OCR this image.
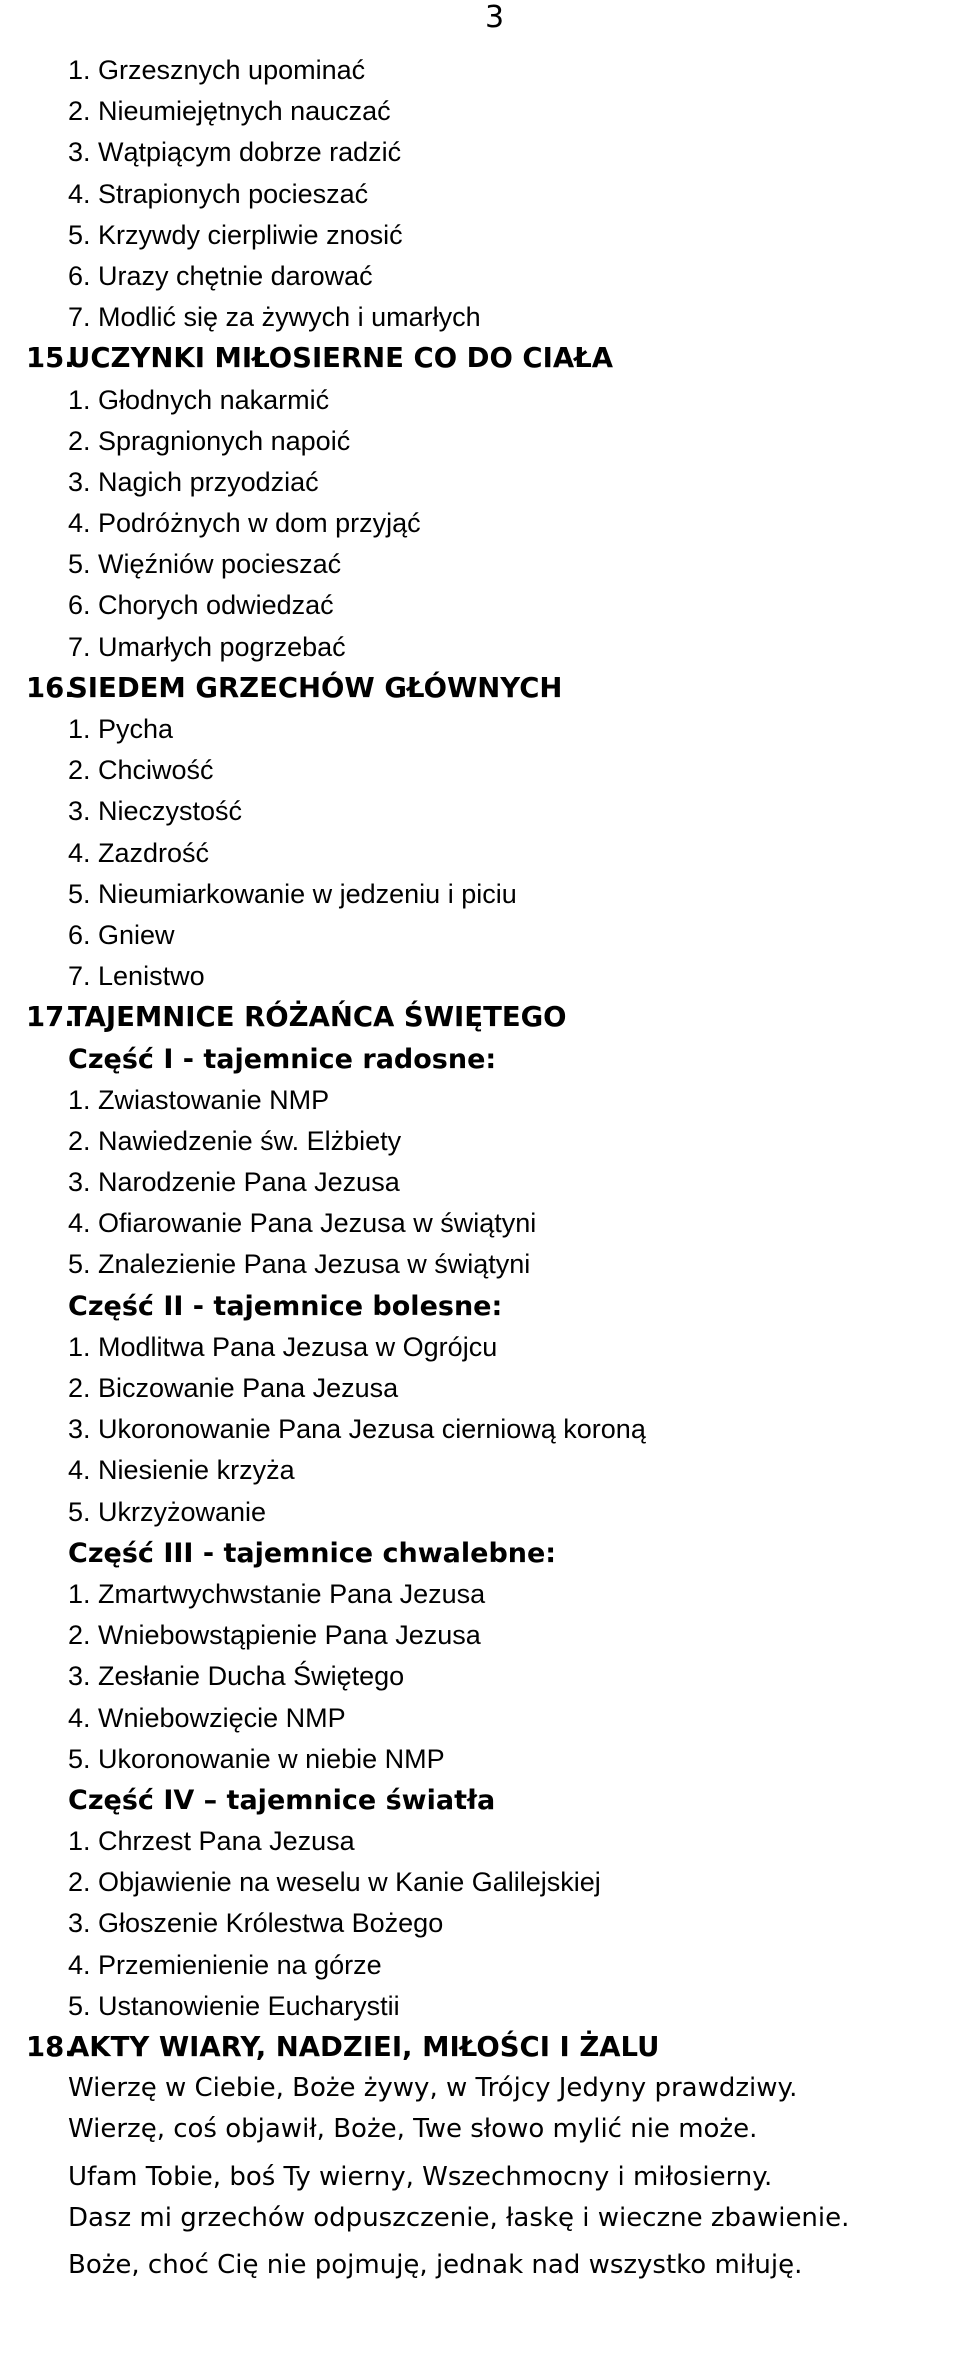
3
1. Grzesznych upominać
2. Nieumiejętnych nauczać
3. Wątpiącym dobrze radzić
4. Strapionych pocieszać
5. Krzywdy cierpliwie znosić
6. Urazy chętnie darować
7. Modlić się za żywych i umarłych
15.UCZYNKI MIŁOSIERNE CO DO CIAŁA
1. Głodnych nakarmić
2. Spragnionych napoić
3. Nagich przyodziać
4. Podróżnych w dom przyjąć
5. Więźniów pocieszać
6. Chorych odwiedzać
7. Umarłych pogrzebać
16.SIEDEM GRZECHÓW GŁÓWNYCH
1. Pycha
2. Chciwość
3. Nieczystość
4. Zazdrość
5. Nieumiarkowanie w jedzeniu i piciu
6. Gniew
7. Lenistwo
17.TAJEMNICE RÓŻAŃCA ŚWIĘTEGO
Część I - tajemnice radosne:
1. Zwiastowanie NMP
2. Nawiedzenie św. Elżbiety
3. Narodzenie Pana Jezusa
4. Ofiarowanie Pana Jezusa w świątyni
5. Znalezienie Pana Jezusa w świątyni
Część II - tajemnice bolesne:
1. Modlitwa Pana Jezusa w Ogrójcu
2. Biczowanie Pana Jezusa
3. Ukoronowanie Pana Jezusa cierniową koroną
4. Niesienie krzyża
5. Ukrzyżowanie
Część III - tajemnice chwalebne:
1. Zmartwychwstanie Pana Jezusa
2. Wniebowstąpienie Pana Jezusa
3. Zesłanie Ducha Świętego
4. Wniebowzięcie NMP
5. Ukoronowanie w niebie NMP
Część IV – tajemnice światła
1. Chrzest Pana Jezusa
2. Objawienie na weselu w Kanie Galilejskiej
3. Głoszenie Królestwa Bożego
4. Przemienienie na górze
5. Ustanowienie Eucharystii
18.AKTY WIARY, NADZIEI, MIŁOŚCI I ŻALU
Wierzę w Ciebie, Boże żywy, w Trójcy Jedyny prawdziwy.
Wierzę, coś objawił, Boże, Twe słowo mylić nie może.
Ufam Tobie, boś Ty wierny, Wszechmocny i miłosierny.
Dasz mi grzechów odpuszczenie, łaskę i wieczne zbawienie.
Boże, choć Cię nie pojmuję, jednak nad wszystko miłuję.
